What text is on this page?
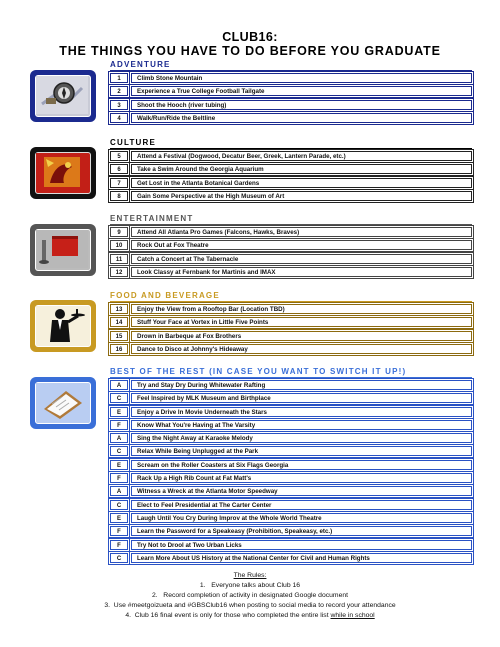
CLUB16:
THE THINGS YOU HAVE TO DO BEFORE YOU GRADUATE
ADVENTURE
1	Climb Stone Mountain
2	Experience a True College Football Tailgate
3	Shoot the Hooch (river tubing)
4	Walk/Run/Ride the Beltline
CULTURE
5	Attend a Festival (Dogwood, Decatur Beer, Greek, Lantern Parade, etc.)
6	Take a Swim Around the Georgia Aquarium
7	Get Lost in the Atlanta Botanical Gardens
8	Gain Some Perspective at the High Museum of Art
ENTERTAINMENT
9	Attend All Atlanta Pro Games (Falcons, Hawks, Braves)
10	Rock Out at Fox Theatre
11	Catch a Concert at The Tabernacle
12	Look Classy at Fernbank for Martinis and IMAX
FOOD AND BEVERAGE
13	Enjoy the View from a Rooftop Bar (Location TBD)
14	Stuff Your Face at Vortex in Little Five Points
15	Drown in Barbeque at Fox Brothers
16	Dance to Disco at Johnny's Hideaway
BEST OF THE REST (IN CASE YOU WANT TO SWITCH IT UP!)
A	Try and Stay Dry During Whitewater Rafting
C	Feel Inspired by MLK Museum and Birthplace
E	Enjoy a Drive In Movie Underneath the Stars
F	Know What You're Having at The Varsity
A	Sing the Night Away at Karaoke Melody
C	Relax While Being Unplugged at the Park
E	Scream on the Roller Coasters at Six Flags Georgia
F	Rack Up a High Rib Count at Fat Matt's
A	Witness a Wreck at the Atlanta Motor Speedway
C	Elect to Feel Presidential at The Carter Center
E	Laugh Until You Cry During Improv at the Whole World Theatre
F	Learn the Password for a Speakeasy (Prohibition, Speakeasy, etc.)
F	Try Not to Drool at Two Urban Licks
C	Learn More About US History at the National Center for Civil and Human Rights
The Rules:
1. Everyone talks about Club 16
2. Record completion of activity in designated Google document
3. Use #meetgoizueta and #GBSClub16 when posting to social media to record your attendance
4. Club 16 final event is only for those who completed the entire list while in school
